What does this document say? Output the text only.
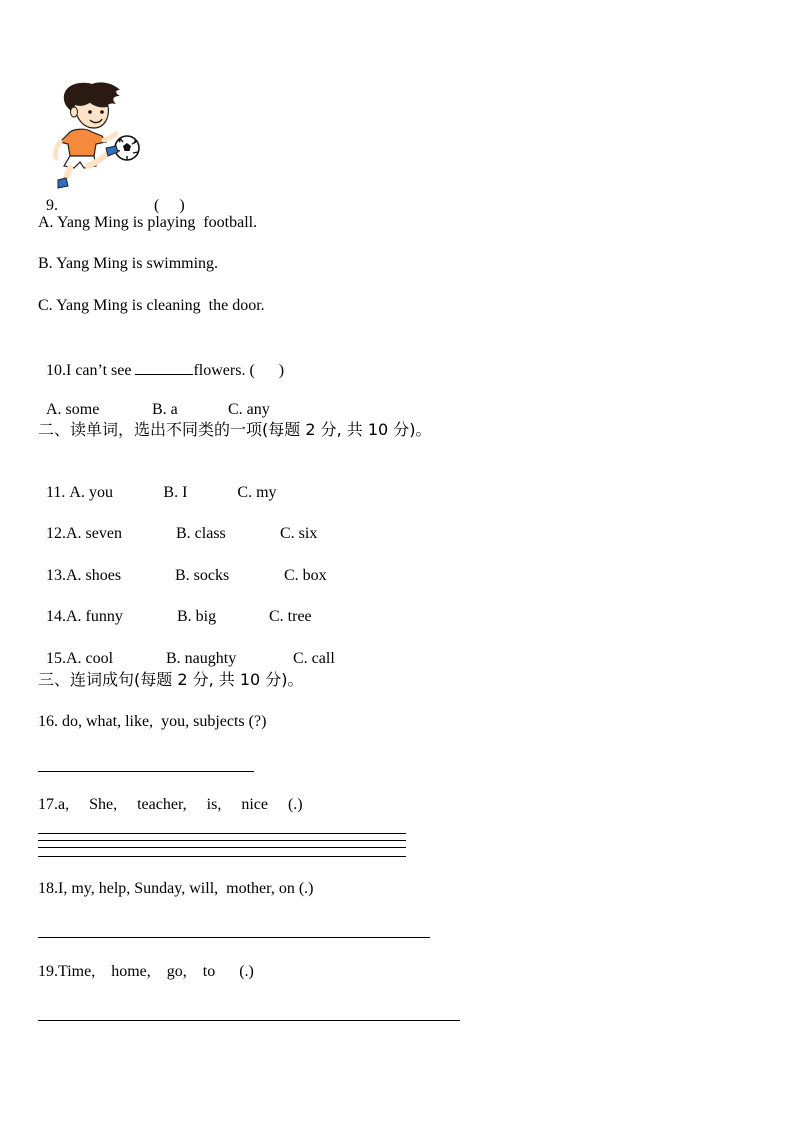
9.	(     )

A. Yang Ming is playing  football.
B. Yang Ming is swimming.
C. Yang Ming is cleaning  the door.

10.I can’t see	flowers. (      )

A. some	B. a	C. any

二、读单词，选出不同类的一项(每题 2 分, 共 10 分)。

11. A. you	B. I	C. my

12.A. seven	B. class	C. six

13.A. shoes	B. socks	C. box

14.A. funny	B. big	C. tree

15.A. cool	B. naughty	C. call

三、连词成句(每题 2 分, 共 10 分)。
16. do, what, like,  you, subjects (?)
17.a,     She,     teacher,     is,     nice     (.)
18.I, my, help, Sunday, will,  mother, on (.)
19.Time,    home,    go,    to      (.)
